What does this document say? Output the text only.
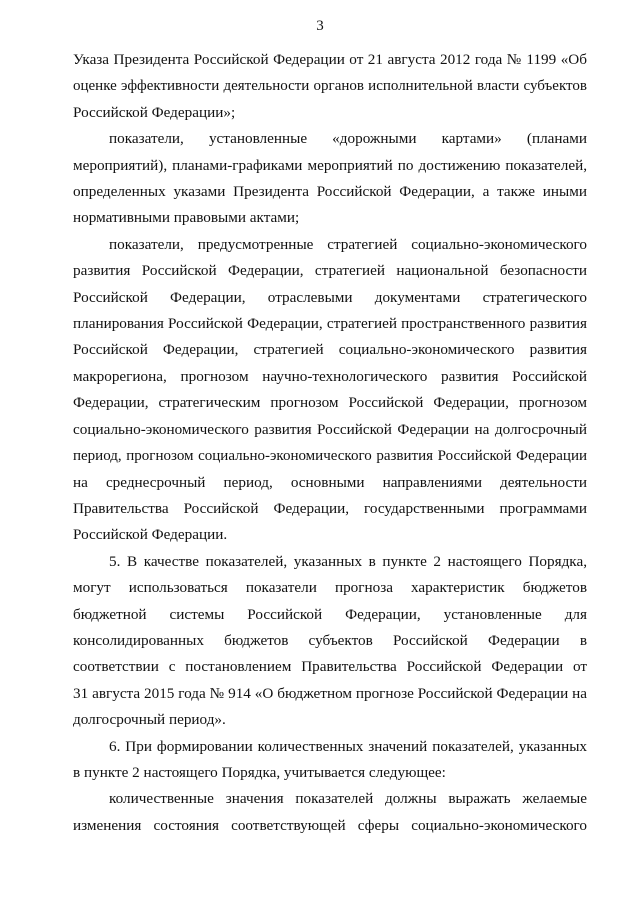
3

Указа Президента Российской Федерации от 21 августа 2012 года № 1199 «Об
оценке эффективности деятельности органов исполнительной власти субъектов
Российской Федерации»;

показатели, установленные «дорожными картами» (планами
мероприятий), планами-графиками мероприятий по достижению показателей,
определенных указами Президента Российской Федерации, а также иными
нормативными правовыми актами;

показатели, предусмотренные стратегией социально-экономического
развития Российской Федерации, стратегией национальной безопасности
Российской Федерации, отраслевыми документами стратегического
планирования Российской Федерации, стратегией пространственного развития
Российской Федерации, стратегией социально-экономического развития
макрорегиона, прогнозом научно-технологического развития Российской
Федерации, стратегическим прогнозом Российской Федерации, прогнозом
социально-экономического развития Российской Федерации на долгосрочный
период, прогнозом социально-экономического развития Российской Федерации
на среднесрочный период, основными направлениями деятельности
Правительства Российской Федерации, государственными программами
Российской Федерации.

5. В качестве показателей, указанных в пункте 2 настоящего Порядка,
могут использоваться показатели прогноза характеристик бюджетов
бюджетной системы Российской Федерации, установленные для
консолидированных бюджетов субъектов Российской Федерации в
соответствии с постановлением Правительства Российской Федерации от
31 августа 2015 года № 914 «О бюджетном прогнозе Российской Федерации на
долгосрочный период».

6. При формировании количественных значений показателей, указанных
в пункте 2 настоящего Порядка, учитывается следующее:

количественные значения показателей должны выражать желаемые
изменения состояния соответствующей сферы социально-экономического
